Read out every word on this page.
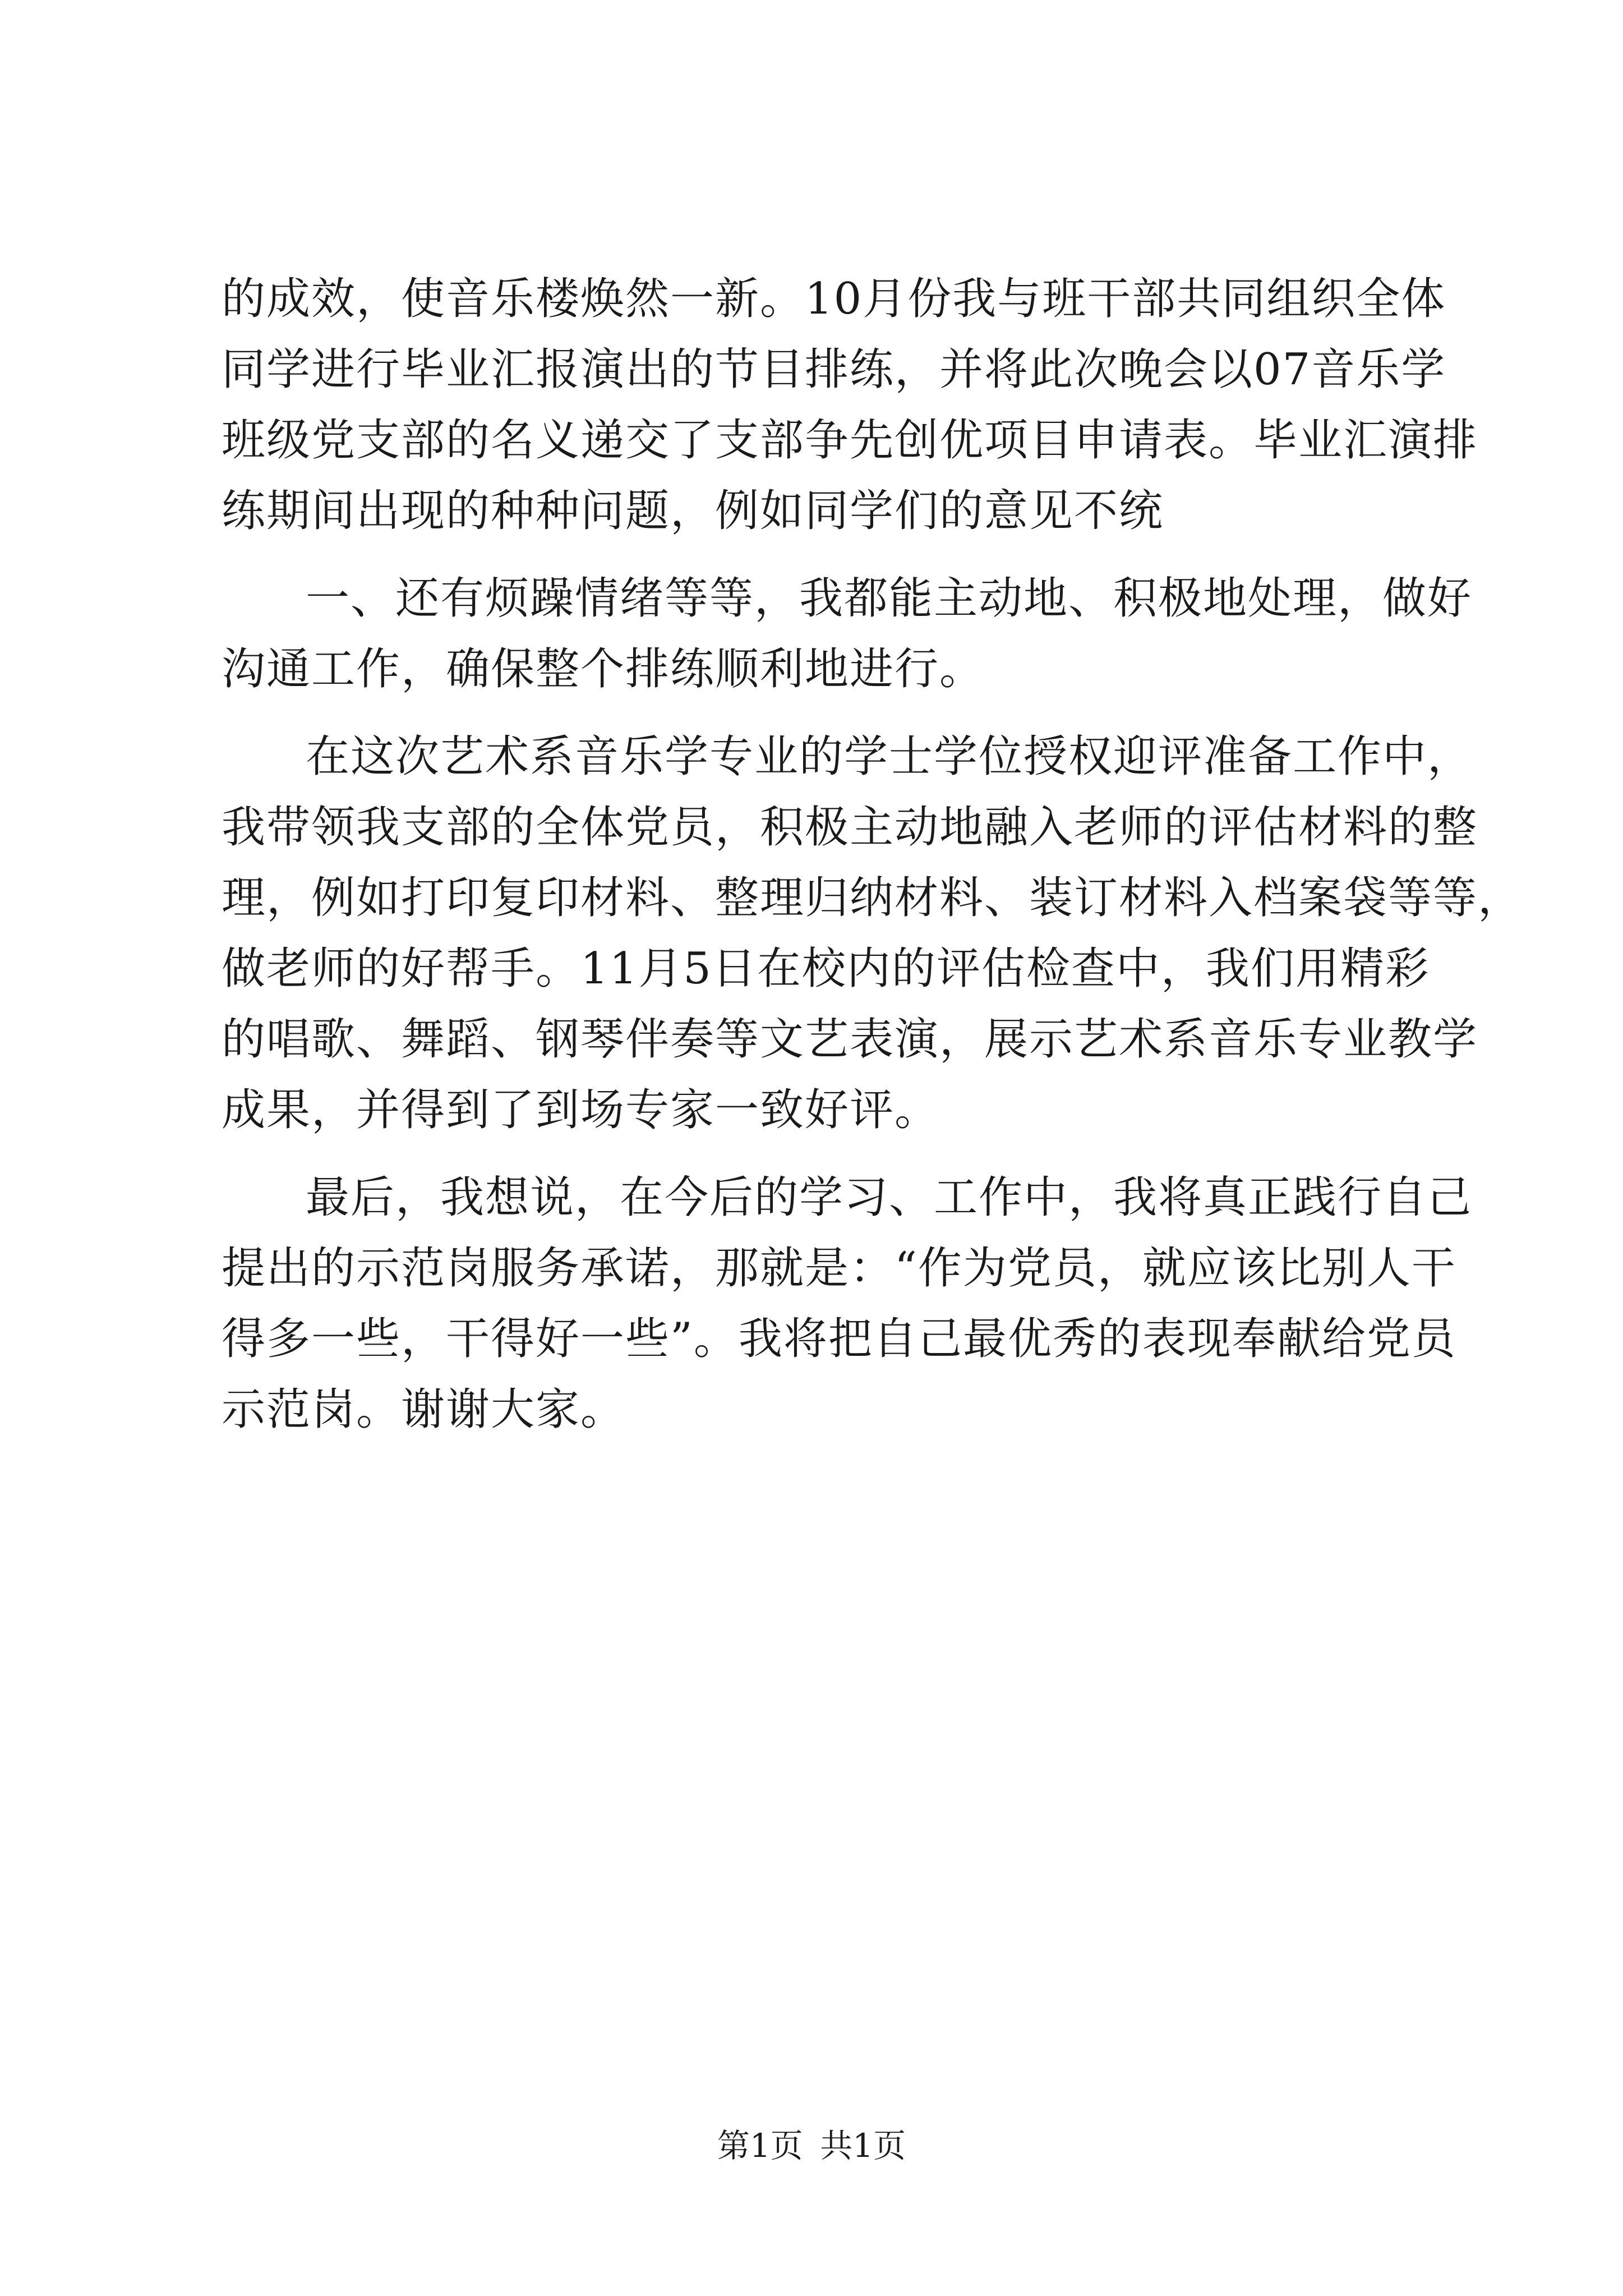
的成效，使音乐楼焕然一新。10月份我与班干部共同组织全体
同学进行毕业汇报演出的节目排练，并将此次晚会以07音乐学
班级党支部的名义递交了支部争先创优项目申请表。毕业汇演排
练期间出现的种种问题，例如同学们的意见不统
一、还有烦躁情绪等等，我都能主动地、积极地处理，做好
沟通工作，确保整个排练顺利地进行。
在这次艺术系音乐学专业的学士学位授权迎评准备工作中，
我带领我支部的全体党员，积极主动地融入老师的评估材料的整
理，例如打印复印材料、整理归纳材料、装订材料入档案袋等等，
做老师的好帮手。11月5日在校内的评估检查中，我们用精彩
的唱歌、舞蹈、钢琴伴奏等文艺表演，展示艺术系音乐专业教学
成果，并得到了到场专家一致好评。
最后，我想说，在今后的学习、工作中，我将真正践行自己
提出的示范岗服务承诺，那就是：“作为党员，就应该比别人干
得多一些，干得好一些”。我将把自己最优秀的表现奉献给党员
示范岗。谢谢大家。
第1页 共1页
